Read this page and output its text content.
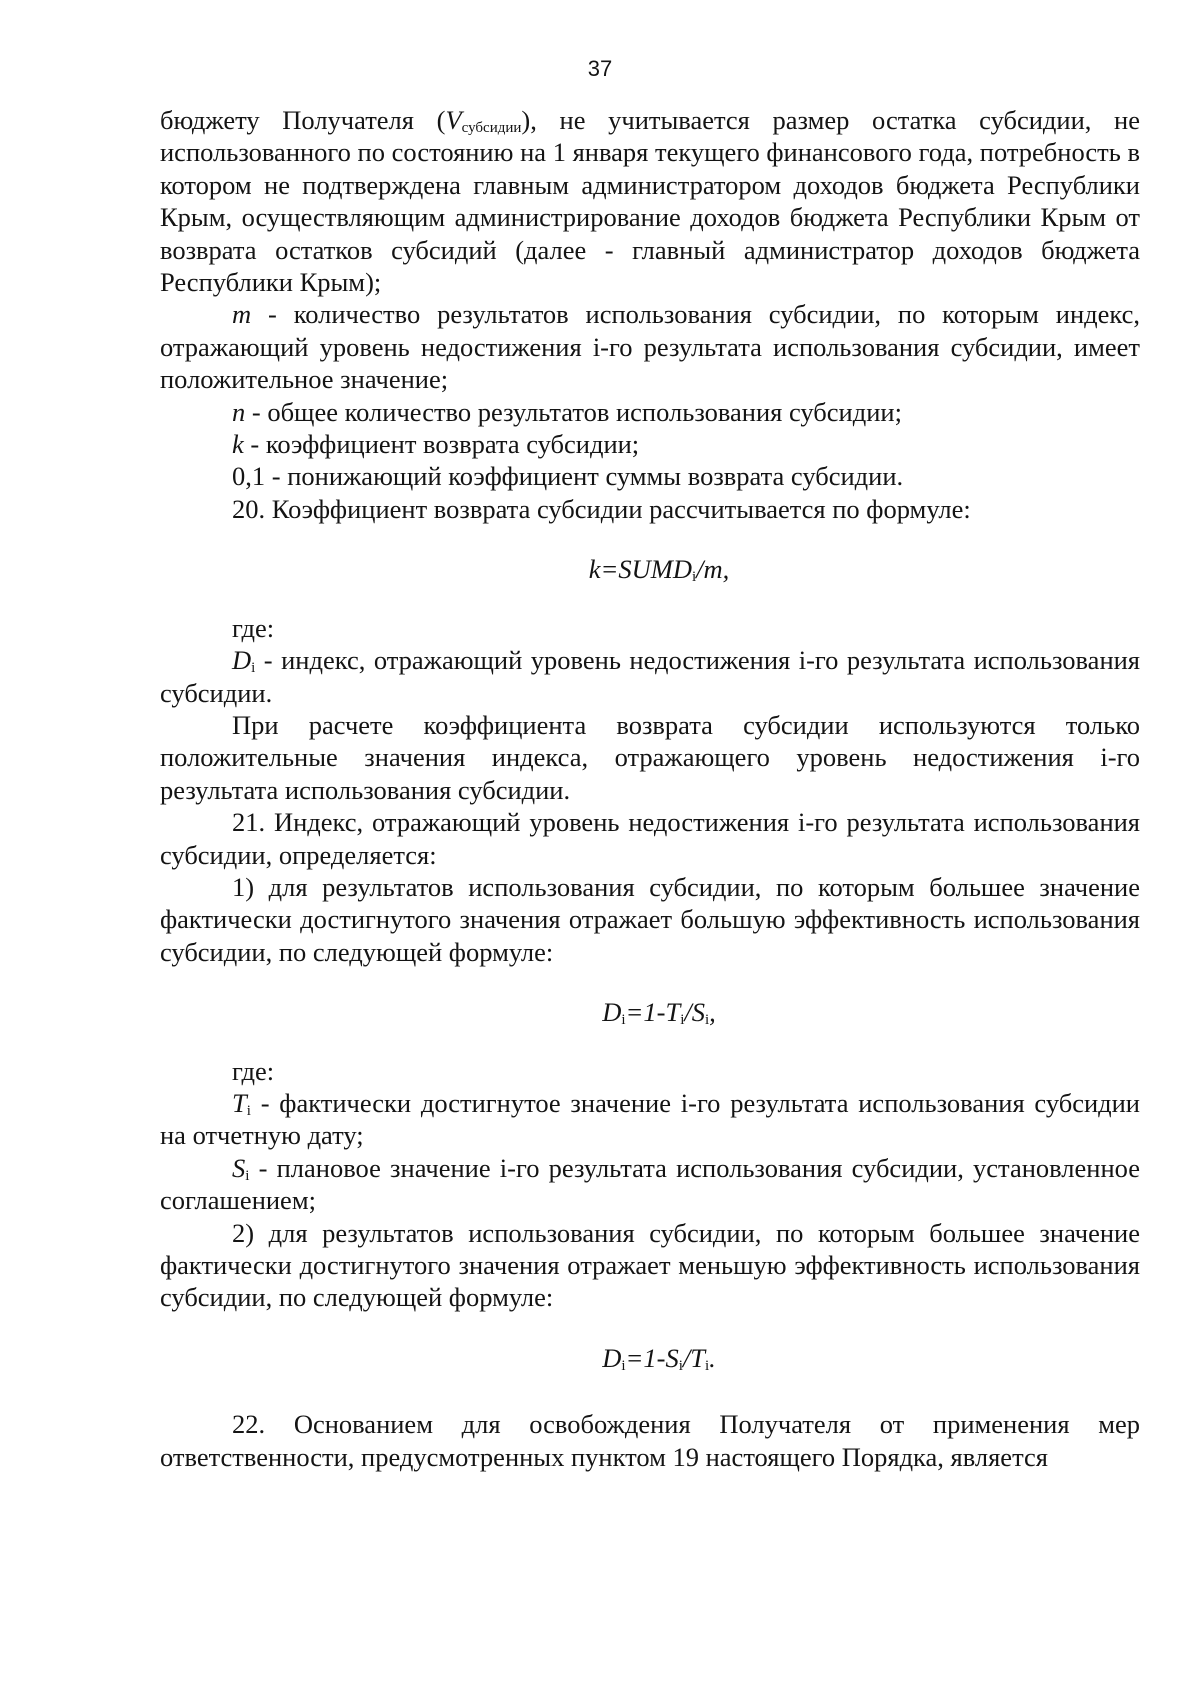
37

бюджету Получателя $(V_{субсидии})$, не учитывается размер остатка субсидии, не использованного по состоянию на 1 января текущего финансового года, потребность в котором не подтверждена главным администратором доходов бюджета Республики Крым, осуществляющим администрирование доходов бюджета Республики Крым от возврата остатков субсидий (далее - главный администратор доходов бюджета Республики Крым);

m - количество результатов использования субсидии, по которым индекс, отражающий уровень недостижения i-го результата использования субсидии, имеет положительное значение;

n - общее количество результатов использования субсидии;

k - коэффициент возврата субсидии;

0,1 - понижающий коэффициент суммы возврата субсидии.

20. Коэффициент возврата субсидии рассчитывается по формуле:

$k=SUMD_i/m$,

где:

$D_i$ - индекс, отражающий уровень недостижения i-го результата использования субсидии.

При расчете коэффициента возврата субсидии используются только положительные значения индекса, отражающего уровень недостижения i-го результата использования субсидии.

21. Индекс, отражающий уровень недостижения i-го результата использования субсидии, определяется:

1) для результатов использования субсидии, по которым большее значение фактически достигнутого значения отражает большую эффективность использования субсидии, по следующей формуле:

$D_i=1-T_i/S_i$,

где:

$T_i$ - фактически достигнутое значение i-го результата использования субсидии на отчетную дату;

$S_i$ - плановое значение i-го результата использования субсидии, установленное соглашением;

2) для результатов использования субсидии, по которым большее значение фактически достигнутого значения отражает меньшую эффективность использования субсидии, по следующей формуле:

$D_i=1-S_i/T_i$.

22. Основанием для освобождения Получателя от применения мер ответственности, предусмотренных пунктом 19 настоящего Порядка, является
